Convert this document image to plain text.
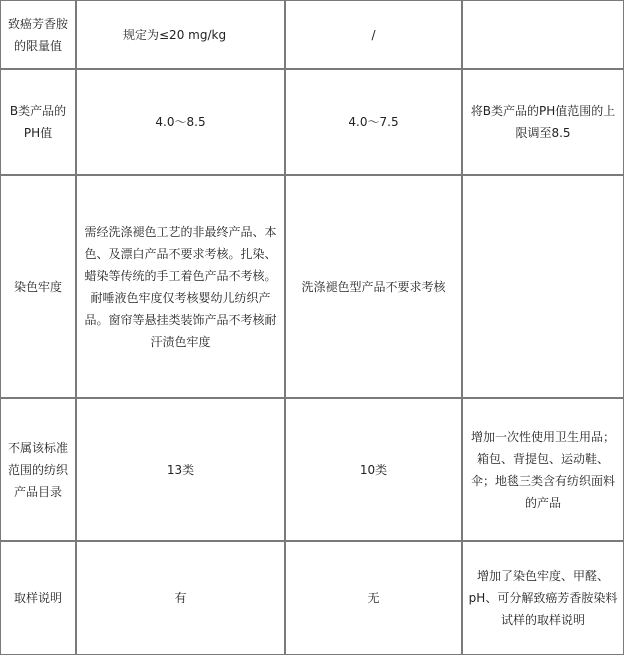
致癌芳香胺的限量值	规定为≤20 mg/kg	/	
B类产品的PH值	4.0～8.5	4.0～7.5	将B类产品的PH值范围的上限调至8.5
染色牢度	需经洗涤褪色工艺的非最终产品、本色、及漂白产品不要求考核。扎染、蜡染等传统的手工着色产品不考核。耐唾液色牢度仅考核婴幼儿纺织产品。窗帘等悬挂类装饰产品不考核耐汗渍色牢度	洗涤褪色型产品不要求考核	
不属该标准范围的纺织产品目录	13类	10类	增加一次性使用卫生用品；箱包、背提包、运动鞋、伞；地毯三类含有纺织面料的产品
取样说明	有	无	增加了染色牢度、甲醛、pH、可分解致癌芳香胺染料试样的取样说明
